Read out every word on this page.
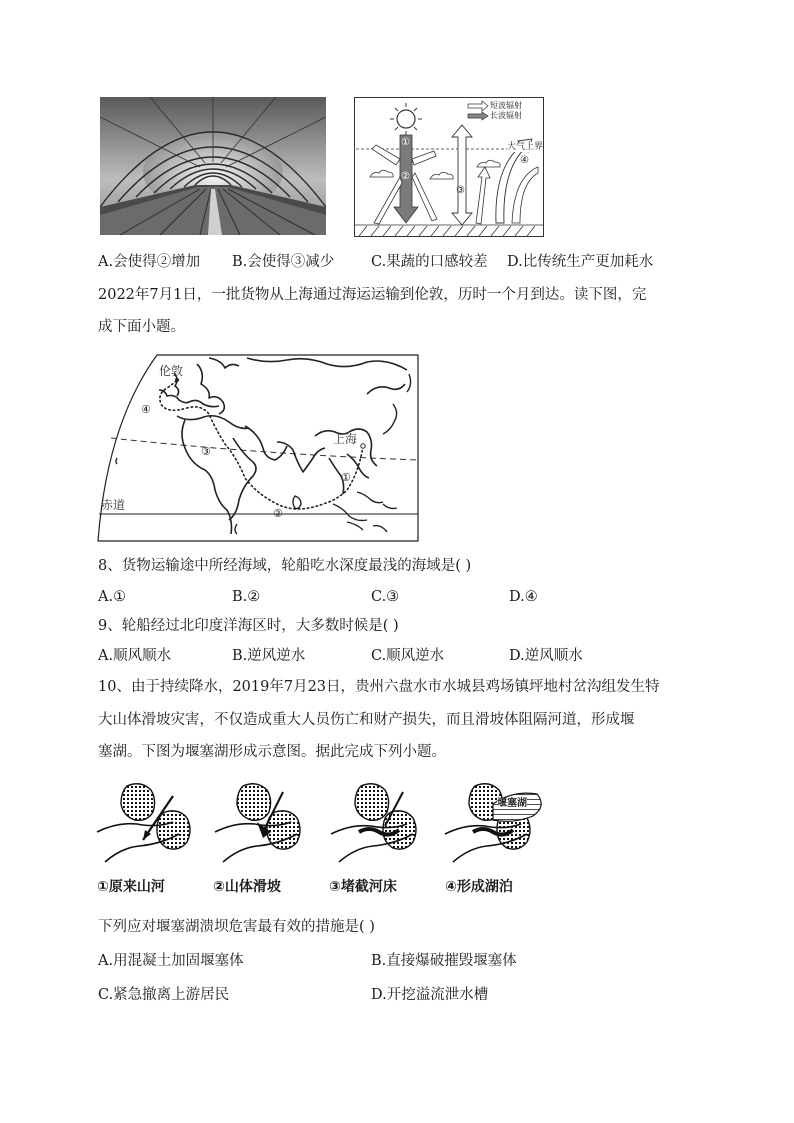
短波辐射
长波辐射
大气上界
①
②
③
④
A.会使得②增加 B.会使得③减少	C.果蔬的口感较差 D.比传统生产更加耗水
2022年7月1日，一批货物从上海通过海运运输到伦敦，历时一个月到达。读下图，完
成下面小题。
伦敦
上海
赤道
①
②
③
④
8、货物运输途中所经海域，轮船吃水深度最浅的海域是( )
A.①	B.②	C.③	D.④
9、轮船经过北印度洋海区时，大多数时候是( )
A.顺风顺水	B.逆风逆水	C.顺风逆水	D.逆风顺水
10、由于持续降水，2019年7月23日，贵州六盘水市水城县鸡场镇坪地村岔沟组发生特
大山体滑坡灾害，不仅造成重大人员伤亡和财产损失，而且滑坡体阻隔河道，形成堰
塞湖。下图为堰塞湖形成示意图。据此完成下列小题。
堰塞湖
①原来山河	②山体滑坡	③堵截河床	④形成湖泊
下列应对堰塞湖溃坝危害最有效的措施是( )
A.用混凝土加固堰塞体	B.直接爆破摧毁堰塞体
C.紧急撤离上游居民	D.开挖溢流泄水槽
